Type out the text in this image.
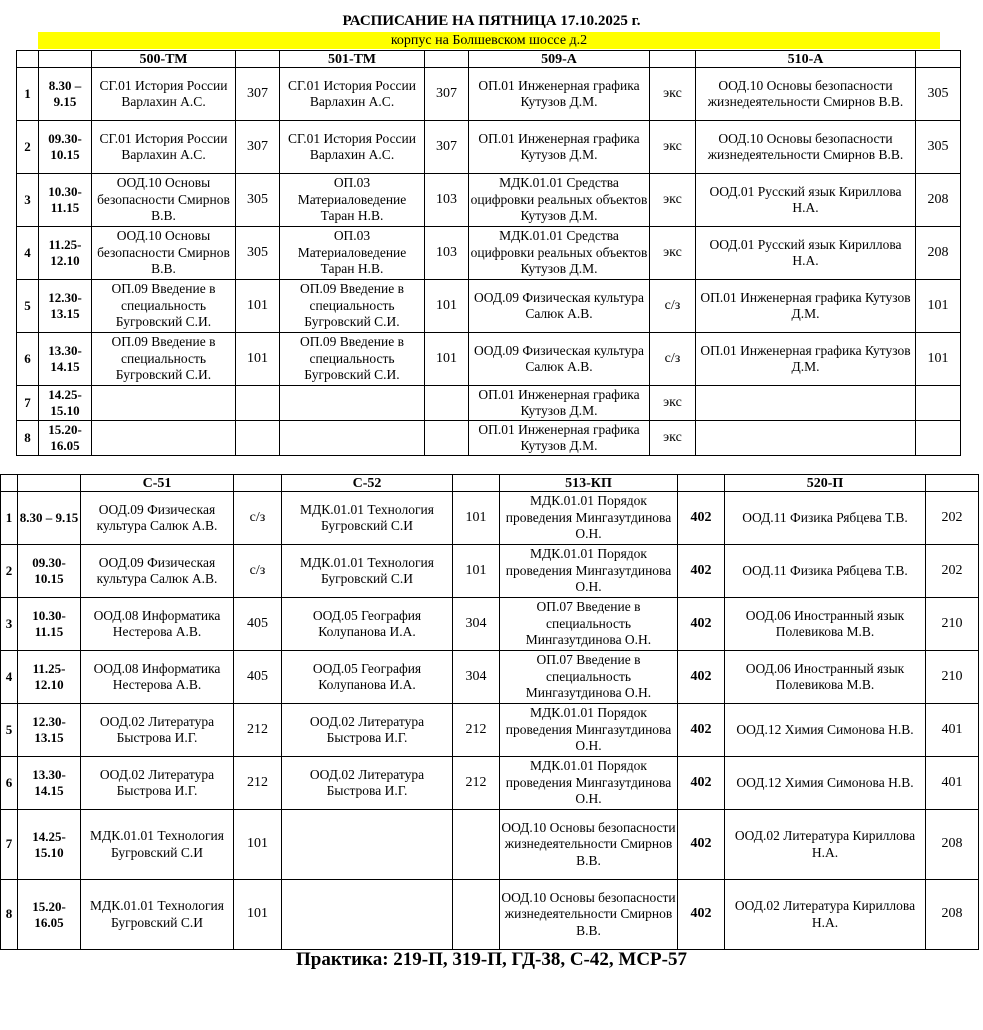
РАСПИСАНИЕ НА ПЯТНИЦА 17.10.2025 г.
корпус на Болшевском шоссе д.2
		500-ТМ		501-ТМ		509-А		510-А	
1	8.30 – 9.15	СГ.01 История России Варлахин А.С.	307	СГ.01 История России Варлахин А.С.	307	ОП.01 Инженерная графика Кутузов Д.М.	экс	ООД.10 Основы безопасности жизнедеятельности Смирнов В.В.	305
2	09.30-10.15	СГ.01 История России Варлахин А.С.	307	СГ.01 История России Варлахин А.С.	307	ОП.01 Инженерная графика Кутузов Д.М.	экс	ООД.10 Основы безопасности жизнедеятельности Смирнов В.В.	305
3	10.30-11.15	ООД.10 Основы безопасности Смирнов В.В.	305	ОП.03 Материаловедение Таран Н.В.	103	МДК.01.01 Средства оцифровки реальных объектов Кутузов Д.М.	экс	ООД.01 Русский язык Кириллова Н.А.	208
4	11.25-12.10	ООД.10 Основы безопасности Смирнов В.В.	305	ОП.03 Материаловедение Таран Н.В.	103	МДК.01.01 Средства оцифровки реальных объектов Кутузов Д.М.	экс	ООД.01 Русский язык Кириллова Н.А.	208
5	12.30-13.15	ОП.09 Введение в специальность Бугровский С.И.	101	ОП.09 Введение в специальность Бугровский С.И.	101	ООД.09 Физическая культура Салюк А.В.	с/з	ОП.01 Инженерная графика Кутузов Д.М.	101
6	13.30-14.15	ОП.09 Введение в специальность Бугровский С.И.	101	ОП.09 Введение в специальность Бугровский С.И.	101	ООД.09 Физическая культура Салюк А.В.	с/з	ОП.01 Инженерная графика Кутузов Д.М.	101
7	14.25-15.10					ОП.01 Инженерная графика Кутузов Д.М.	экс		
8	15.20-16.05					ОП.01 Инженерная графика Кутузов Д.М.	экс		
		С-51		С-52		513-КП		520-П	
1	8.30 – 9.15	ООД.09 Физическая культура Салюк А.В.	с/з	МДК.01.01 Технология Бугровский С.И	101	МДК.01.01 Порядок проведения Мингазутдинова О.Н.	402	ООД.11 Физика Рябцева Т.В.	202
2	09.30-10.15	ООД.09 Физическая культура Салюк А.В.	с/з	МДК.01.01 Технология Бугровский С.И	101	МДК.01.01 Порядок проведения Мингазутдинова О.Н.	402	ООД.11 Физика Рябцева Т.В.	202
3	10.30-11.15	ООД.08 Информатика Нестерова А.В.	405	ООД.05 География Колупанова И.А.	304	ОП.07 Введение в специальность Мингазутдинова О.Н.	402	ООД.06 Иностранный язык Полевикова М.В.	210
4	11.25-12.10	ООД.08 Информатика Нестерова А.В.	405	ООД.05 География Колупанова И.А.	304	ОП.07 Введение в специальность Мингазутдинова О.Н.	402	ООД.06 Иностранный язык Полевикова М.В.	210
5	12.30-13.15	ООД.02 Литература Быстрова И.Г.	212	ООД.02 Литература Быстрова И.Г.	212	МДК.01.01 Порядок проведения Мингазутдинова О.Н.	402	ООД.12 Химия Симонова Н.В.	401
6	13.30-14.15	ООД.02 Литература Быстрова И.Г.	212	ООД.02 Литература Быстрова И.Г.	212	МДК.01.01 Порядок проведения Мингазутдинова О.Н.	402	ООД.12 Химия Симонова Н.В.	401
7	14.25-15.10	МДК.01.01 Технология Бугровский С.И	101			ООД.10 Основы безопасности жизнедеятельности Смирнов В.В.	402	ООД.02 Литература Кириллова Н.А.	208
8	15.20-16.05	МДК.01.01 Технология Бугровский С.И	101			ООД.10 Основы безопасности жизнедеятельности Смирнов В.В.	402	ООД.02 Литература Кириллова Н.А.	208
Практика: 219-П, 319-П, ГД-38, С-42, МСР-57
